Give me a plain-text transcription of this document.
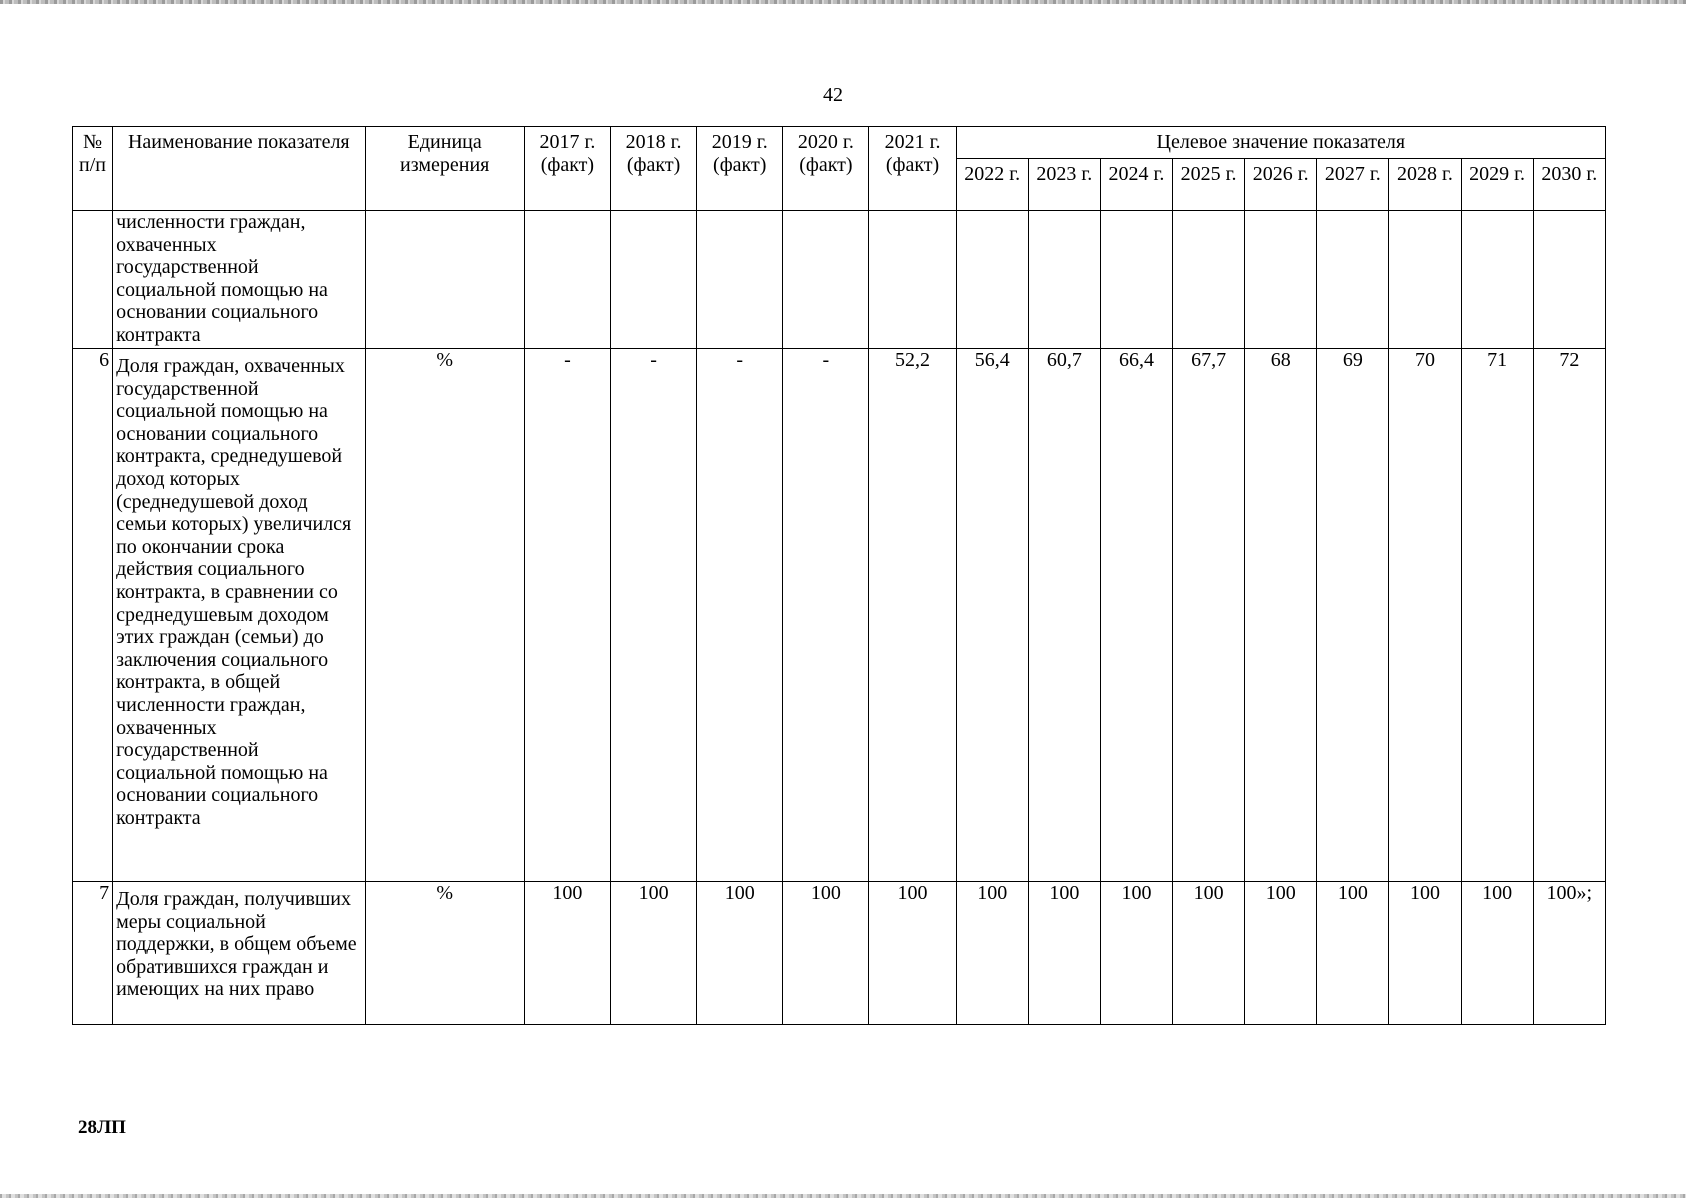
42
№ п/п	Наименование показателя	Единица измерения	2017 г. (факт)	2018 г. (факт)	2019 г. (факт)	2020 г. (факт)	2021 г. (факт)	Целевое значение показателя								
								2022 г.	2023 г.	2024 г.	2025 г.	2026 г.	2027 г.	2028 г.	2029 г.	2030 г.
	численности граждан, охваченных государственной социальной помощью на основании социального контракта															
6	Доля граждан, охваченных государственной социальной помощью на основании социального контракта, среднедушевой доход которых (среднедушевой доход семьи которых) увеличился по окончании срока действия социального контракта, в сравнении со среднедушевым доходом этих граждан (семьи) до заключения социального контракта, в общей численности граждан, охваченных государственной социальной помощью на основании социального контракта	%	-	-	-	-	52,2	56,4	60,7	66,4	67,7	68	69	70	71	72
7	Доля граждан, получивших меры социальной поддержки, в общем объеме обратившихся граждан и имеющих на них право	%	100	100	100	100	100	100	100	100	100	100	100	100	100	100»;
28ЛП
